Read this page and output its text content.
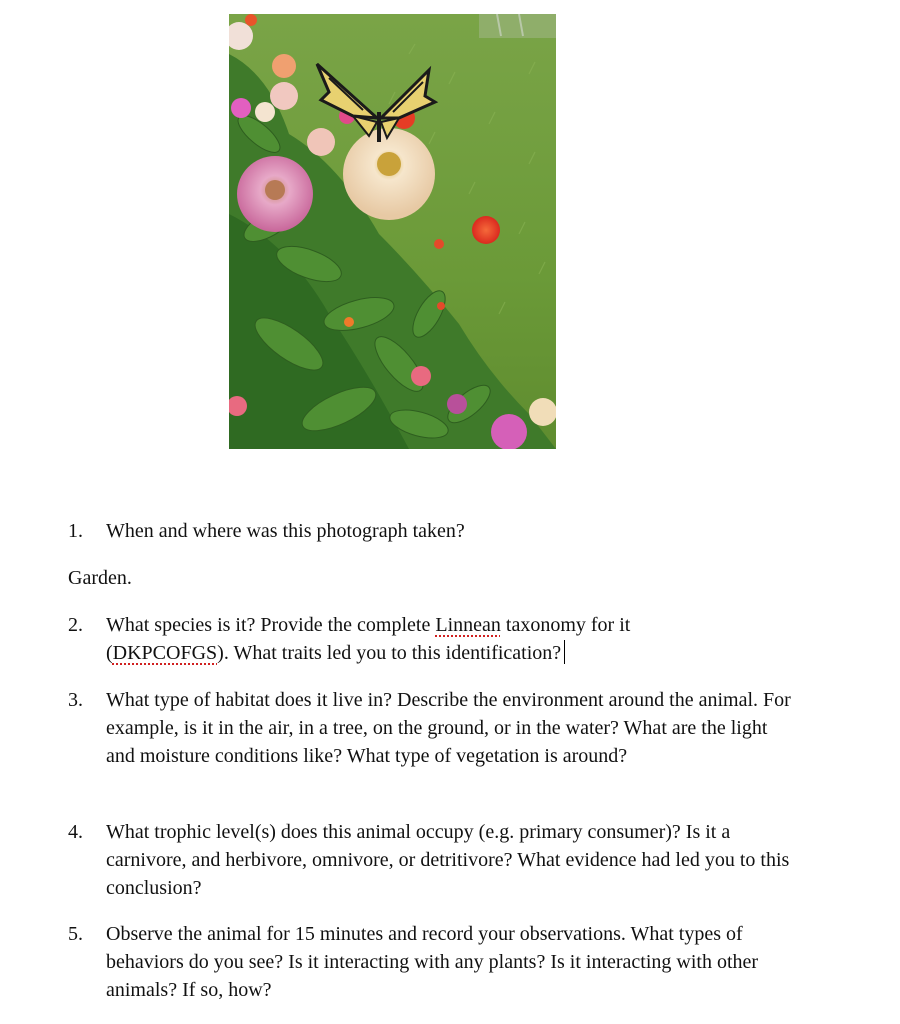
1.	When and where was this photograph taken?
Garden.
2.	What species is it? Provide the complete Linnean taxonomy for it (DKPCOFGS). What traits led you to this identification?
3.	What type of habitat does it live in? Describe the environment around the animal. For example, is it in the air, in a tree, on the ground, or in the water? What are the light and moisture conditions like? What type of vegetation is around?
4.	What trophic level(s) does this animal occupy (e.g. primary consumer)? Is it a carnivore, and herbivore, omnivore, or detritivore? What evidence had led you to this conclusion?
5.	Observe the animal for 15 minutes and record your observations. What types of behaviors do you see? Is it interacting with any plants? Is it interacting with other animals? If so, how?
